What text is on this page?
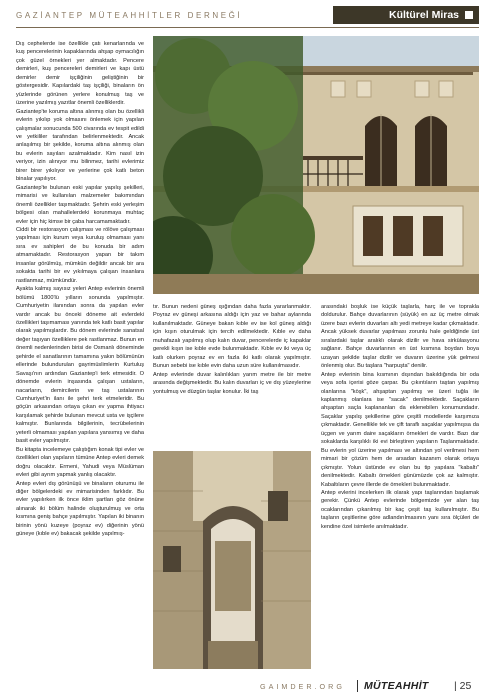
GAZİANTEP MÜTEAHHİTLER DERNEĞİ	Kültürel Miras

Dış cephelerde ise özellikle çatı kenarlarında ve kuş pencerelerinin kapaklarında ahşap oymacılığın çok güzel örnekleri yer almaktadır. Pencere demirleri, kuş pencereleri demirleri ve kapı üstü demirler demir işçiliğinin geliştiğinin bir göstergesidir. Kapılardaki taş işçiliği, binaların ön yüzlerinde görünen yerlere konulmuş taş ve üzerine yazılmış yazıtlar önemli özelliklerdir.

Gaziantep'te koruma altına alınmış olan bu özellikli evlerin yıkılıp yok olmasını önlemek için yapılan çalışmalar sonucunda 500 civarında ev tespit edildi ve yetkililer tarafından belirlenmektedir. Ancak anlaşılmış bir şekilde, koruma altına alınmış olan bu evlerin sayıları azalmaktadır. Kim nasıl izin veriyor, izin alınıyor mu bilinmez, tarihi evlerimiz birer birer yıkılıyor ve yerlerine çok katlı beton binalar yapılıyor.

Gaziantep'te bulunan eski yapılar yapılış şekilleri, mimarisi ve kullanılan malzemeler bakımından önemli özellikler taşımaktadır. Şehrin eski yerleşim bölgesi olan mahallelerdeki korunmaya muhtaç evler için hiç kimse bir çaba harcamamaktadır.

Ciddi bir restorasyon çalışması ve rölöve çalışması yapılması için kurum veya kuruluş olmaması yanı sıra ev sahipleri de bu konuda bir adım atmamaktadır. Restorasyon yapan bir takım insanlar görülmüş, mümkün değildir ancak bir ara sokakta tarihi bir ev yıkılmaya çalışan insanlara rastlanmaz, mümkündür.

Ayakta kalmış sayısız yeleri Antep evlerinin önemli bölümü 1800'lü yılların sonunda yapılmıştır. Cumhuriyetin ilanından sonra da yapılan evler vardır ancak bu önceki döneme ait evlerdeki özellikleri taşımaması yanında tek katlı basit yapılar olarak yapılmışlardır. Bu dönem evlerinde sanatsal değer taşıyan özelliklere pek rastlanmaz. Bunun en önemli nedenlerinden birisi de Osmanlı döneminde şehirde el sanatlarının tamamına yakın bölümünün ellerinde bulundurulan gayrimüslimlerin Kurtuluş Savaşı'nın ardından Gaziantep'i terk etmesidir. O dönemde evlerin inşasında çalışan ustaların, nacarların, demircilerin ve taş ustalarının Cumhuriyet'in ilanı ile şehri terk etmeleridir. Bu göçün arkasından ortaya çıkan ev yapma ihtiyacı karşılamak şehirde bulunan mevcut usta ve işçilere kalmıştır. Bunlarında bilgilerinin, tecrübelerinin yeterli olmaması yapılan yapılara yansımış ve daha basit evler yapılmıştır.

Bu kitapta incelemeye çalıştığım konak tipi evler ve özellikleri olan yapıların tümüne Antep evleri demek doğru olacaktır. Ermeni, Yahudi veya Müslüman evleri gibi ayrım yapmak yanlış olacaktır.

Antep evleri dış görünüşü ve binaların oturumu ile diğer bölgelerdeki ev mimarisinden farklıdır. Bu evler yapılırken ilk önce iklim şartları göz önüne alınarak iki bölüm halinde oluşturulmuş ve orta kısmına geniş bahçe yapılmıştır. Yapılan iki binanın birinin yönü kuzeye (poyraz ev) diğerinin yönü güneye (kıble ev) bakacak şekilde yapılmış-

tır. Bunun nedeni güneş ışığından daha fazla yararlanmaktır. Poyraz ev güneşi arkasına aldığı için yaz ve bahar aylarında kullanılmaktadır. Güneye bakan kıble ev ise kol güneş aldığı için kışın oturulmak için tercih edilmektedir. Kıble ev daha muhafazalı yapılmış olup kalın duvar, pencerelerde iç kapaklar gerekli kışın ise kıble evde bulunmaktadır. Kıble ev iki veya üç katlı olurken poyraz ev en fazla iki katlı olarak yapılmıştır. Bunun sebebi ise kıble evin daha uzun süre kullanılmasıdır.

Antep evlerinde duvar kalınlıkları yarım metre ile bir metre arasında değişmektedir. Bu kalın duvarları iç ve dış yüzeylerine yontulmuş ve düzgün taşlar konulur. İki taş

arasındaki boşluk ise küçük taşlarla, harç ile ve toprakla doldurulur. Bahçe duvarlarının (süyük) en az üç metre olmak üzere bazı evlerin duvarları altı yedi metreye kadar çıkmaktadır. Ancak yüksek duvarlar yapılması zorunlu hale geldiğinde üst sıralardaki taşlar aralıklı olarak dizilir ve hava sirkülasyonu sağlanır. Bahçe duvarlarının en üst kısmına boydan boya uzayan şekilde taşlar dizilir ve duvarın üzerine yük gelmesi önlenmiş olur. Bu taşlara "harpuşta" denilir.

Antep evlerinin bina kısmının dışından bakıldığında bir oda veya sofa içerisi göze çarpar. Bu çıkıntıların taştan yapılmış olanlarına "köşk", ahşaptan yapılmış ve üzeri tuğla ile kaplanmış olanlara ise "sacak" denilmektedir. Saçakların ahşaptan saçla kaplananları da eklenebilen konumundadır. Saçaklar yapılış şekillerine göre çeşitli modellerde karşımıza çıkmaktadır. Genellikle tek ve çift taraflı saçaklar yapılmışsa da üçgen ve yarım daire saçakların örnekleri de vardır. Bazı dar sokaklarda karşılıklı iki evi birleştiren yapıların Taşlanmaktadır. Bu evlerin yol üzerine yapılması ve altından yol verilmesi hem mimari bir çözüm hem de arsadan kazanım olarak ortaya çıkmıştır. Yolun üstünde ev olan bu tip yapılara "kabaltı" denilmektedir. Kabaltı örnekleri günümüzde çok az kalmıştır. Kabaltıların çevre illerde de örnekleri bulunmaktadır.

Antep evlerini incelerken ilk olarak yapı taşlarından başlamak gerekir. Çünkü Antep evlerinde bölgemizde yer alan taş ocaklarından çıkarılmış bir kaç çeşit taş kullanılmıştır. Bu taşların çeşitlerine göre adlandırılmasının yanı sıra ölçüleri de kendine özel isimlerle anılmaktadır.

GAIMDER.ORG MÜTEAHHİT | 25
